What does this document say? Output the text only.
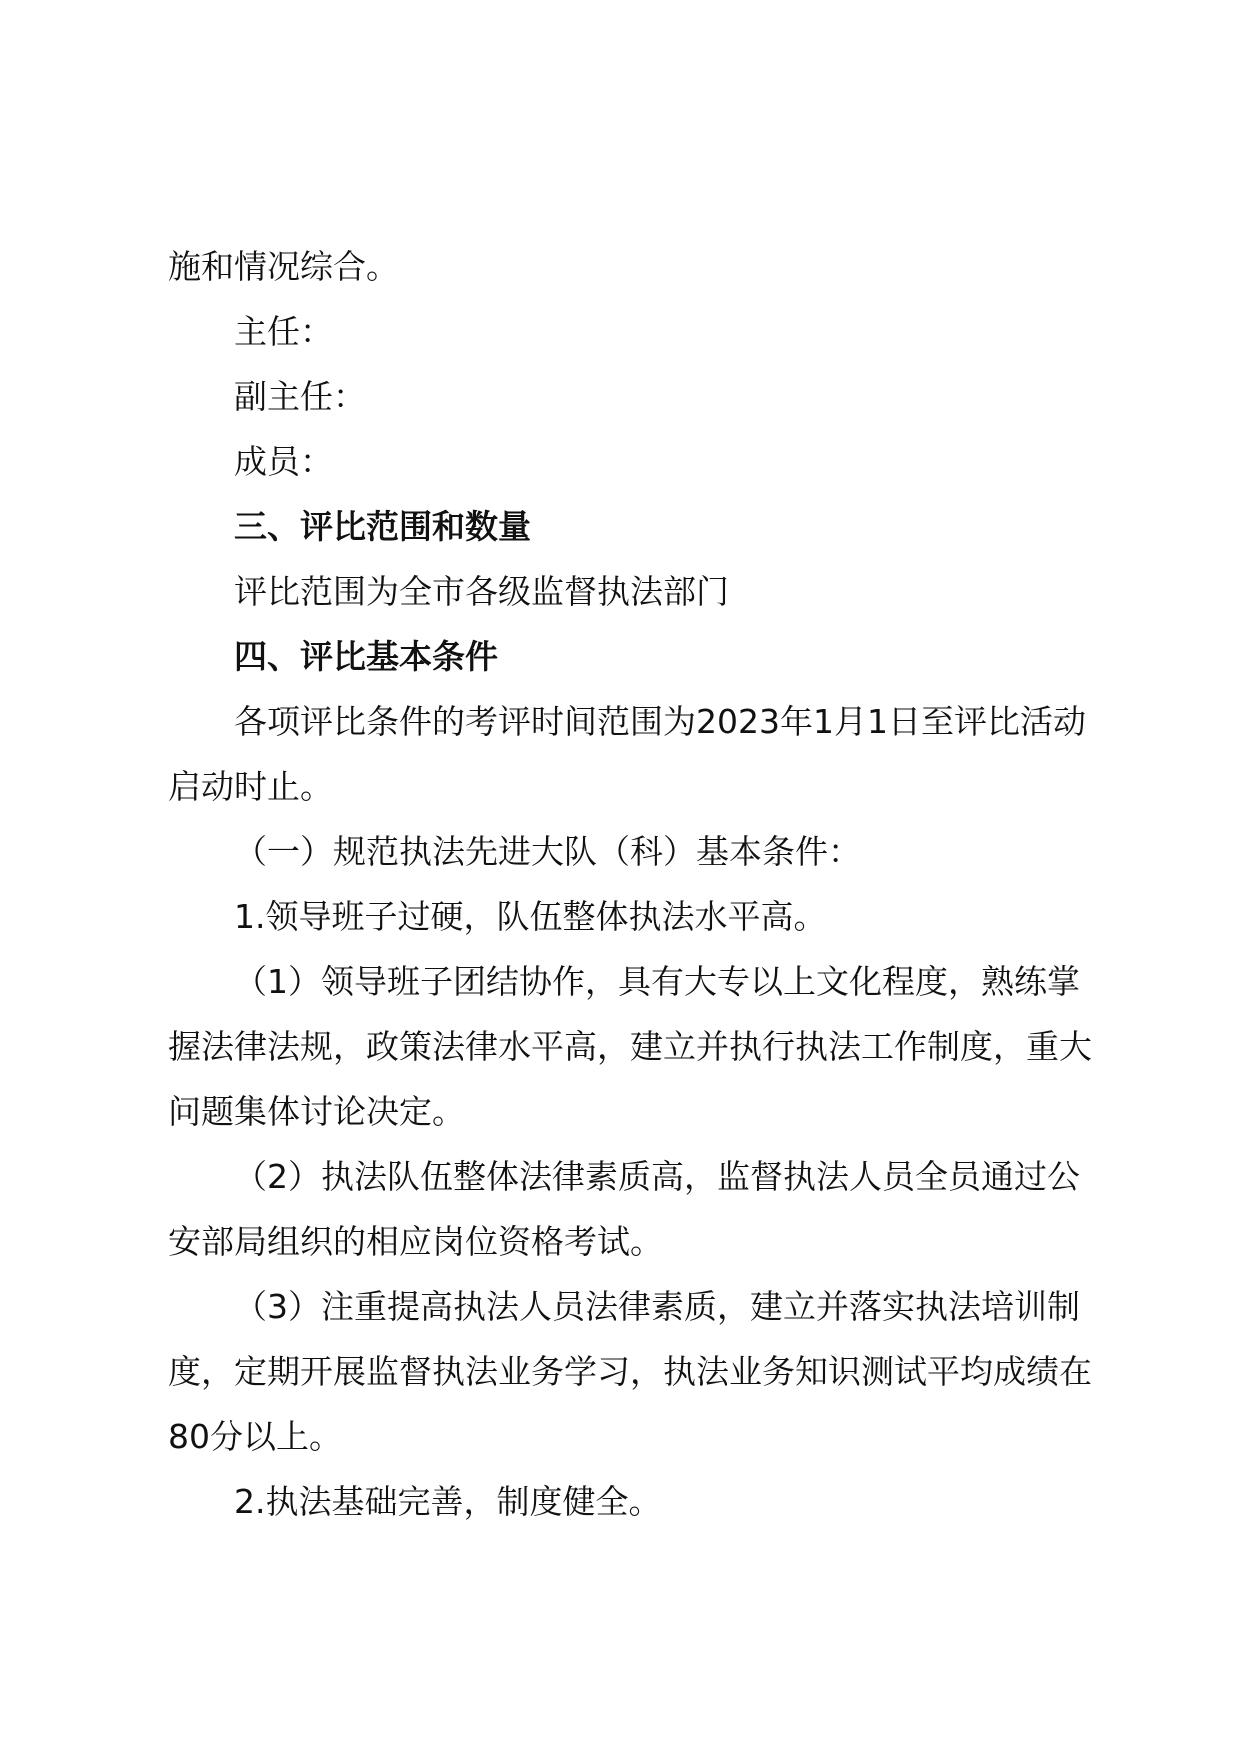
施和情况综合。
主任：
副主任：
成员：
三、评比范围和数量
评比范围为全市各级监督执法部门
四、评比基本条件
各项评比条件的考评时间范围为2023年1月1日至评比活动
启动时止。
（一）规范执法先进大队（科）基本条件：
1.领导班子过硬，队伍整体执法水平高。
（1）领导班子团结协作，具有大专以上文化程度，熟练掌
握法律法规，政策法律水平高，建立并执行执法工作制度，重大
问题集体讨论决定。
（2）执法队伍整体法律素质高，监督执法人员全员通过公
安部局组织的相应岗位资格考试。
（3）注重提高执法人员法律素质，建立并落实执法培训制
度，定期开展监督执法业务学习，执法业务知识测试平均成绩在
80分以上。
2.执法基础完善，制度健全。
